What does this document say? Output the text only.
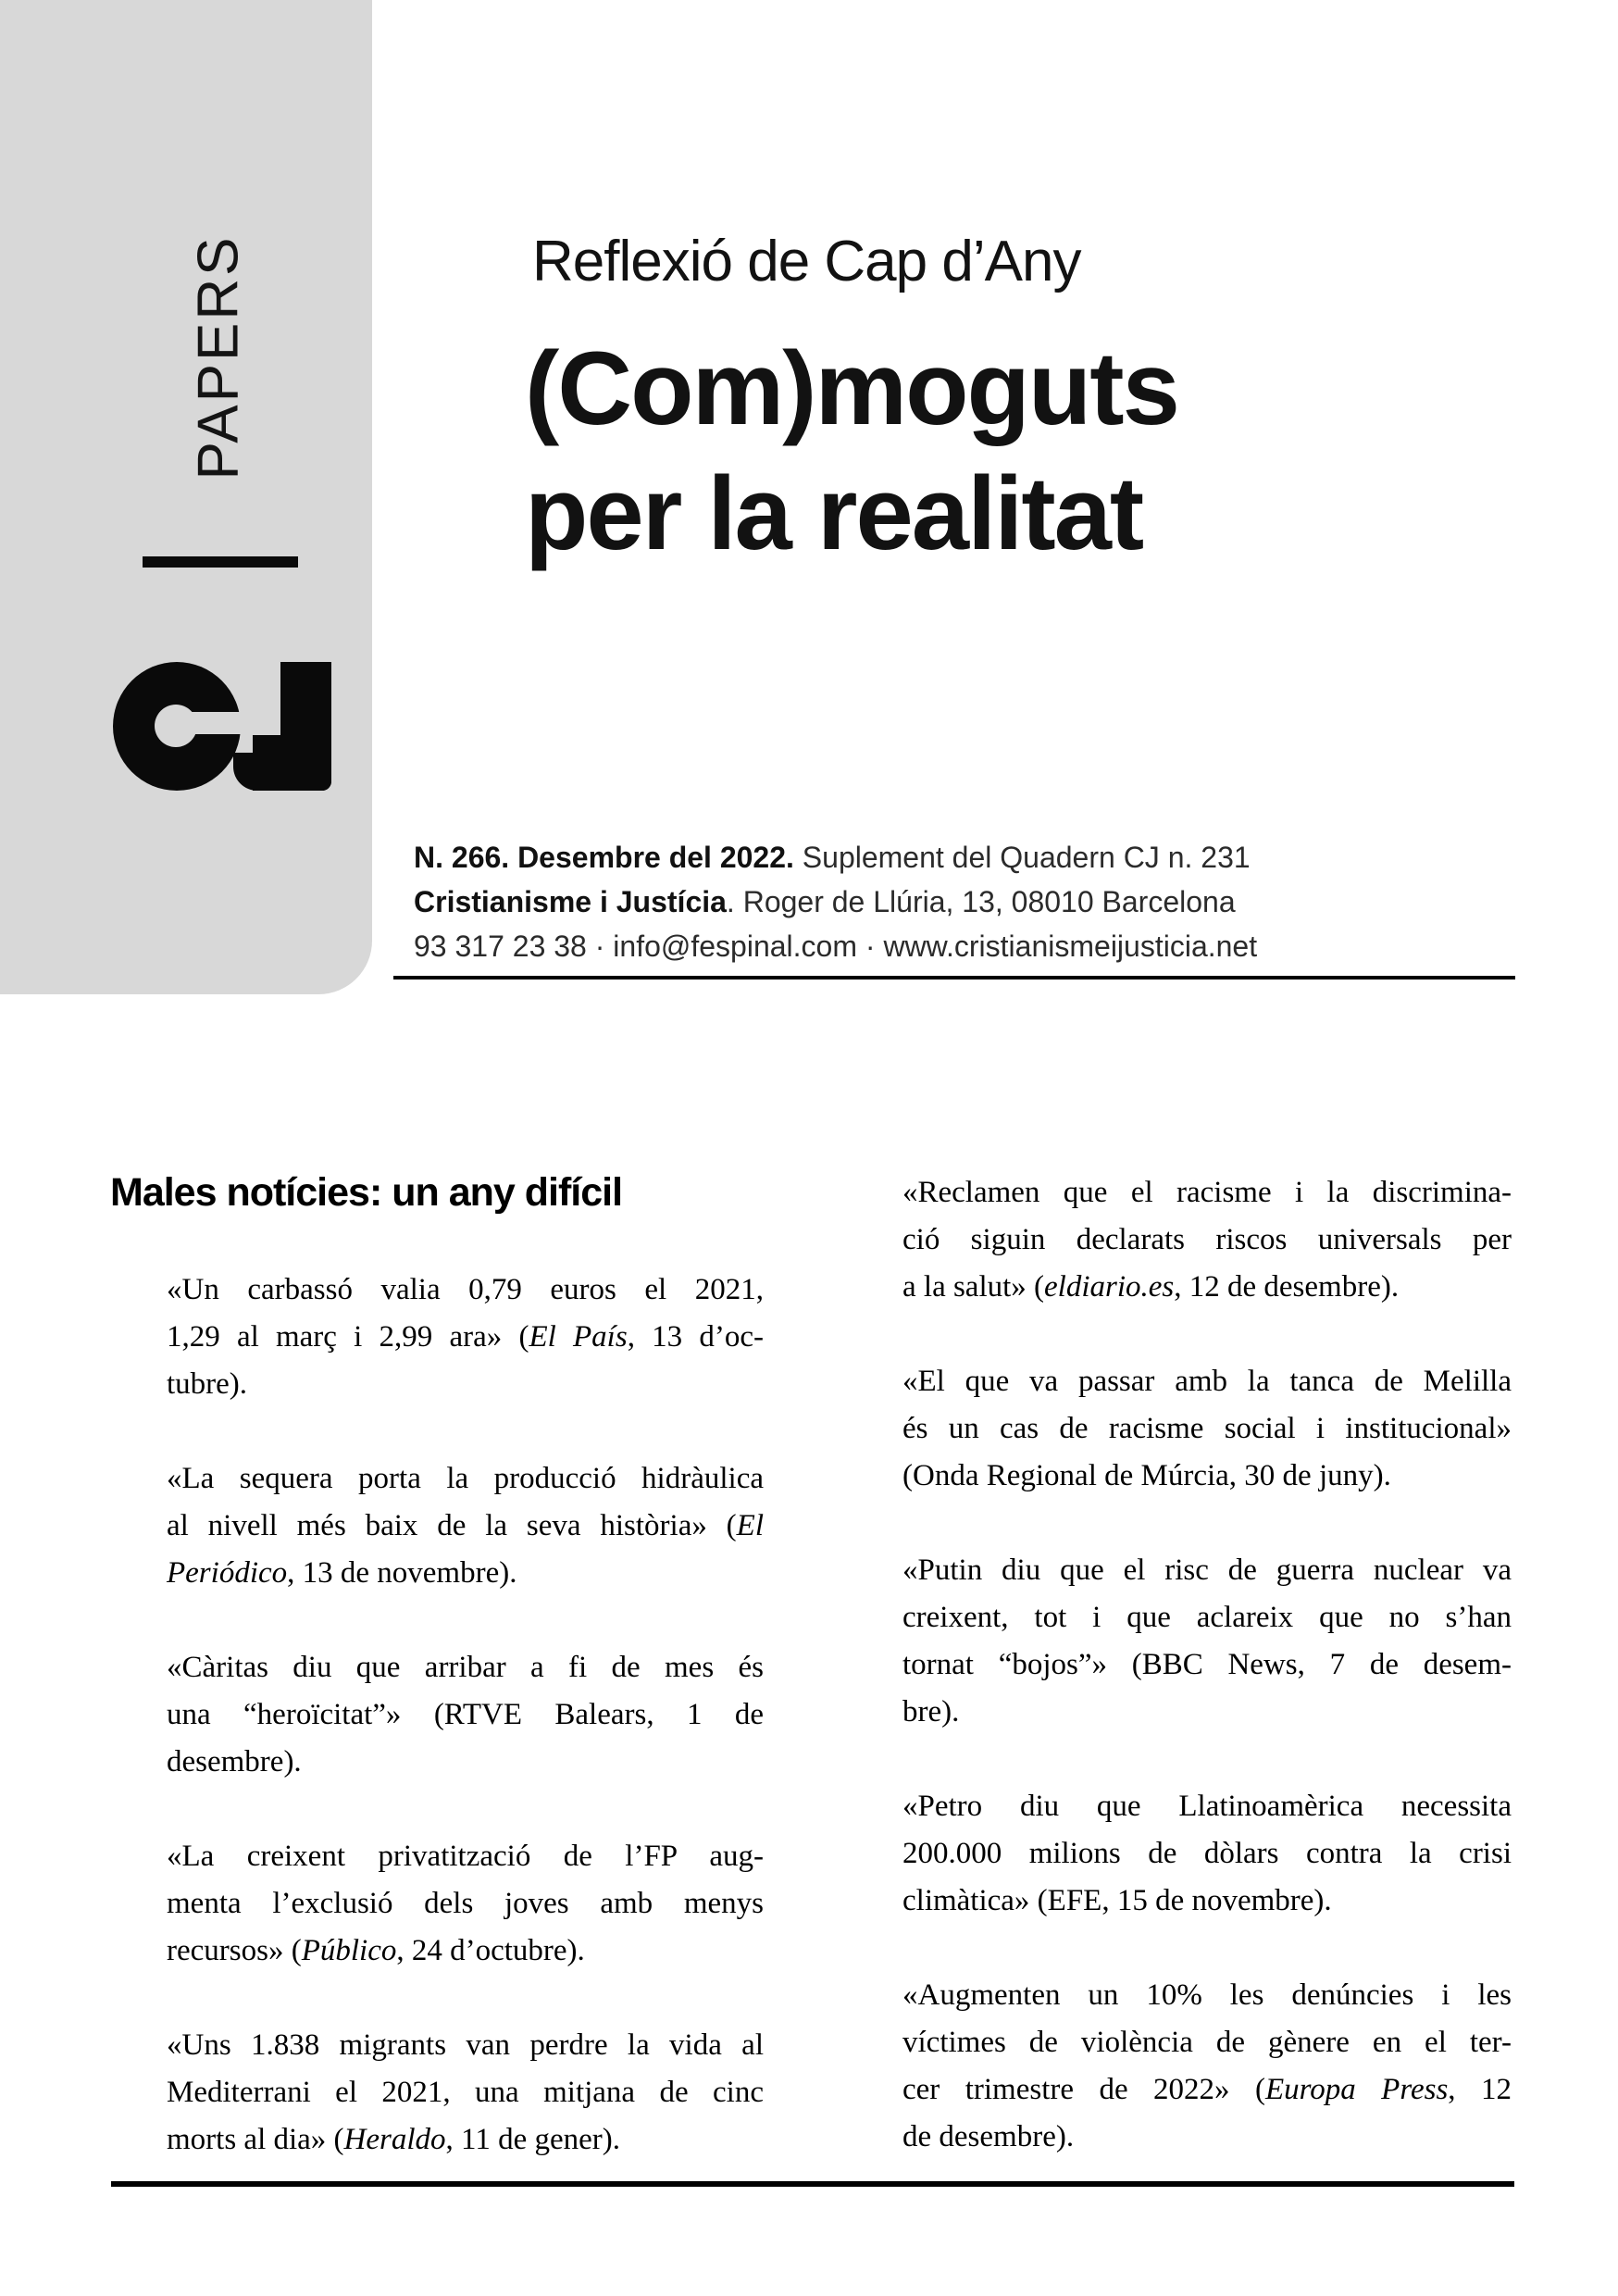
PAPERS	Reflexió de Cap d’Any
(Com)moguts
per la realitat
N. 266. Desembre del 2022. Suplement del Quadern CJ n. 231
Cristianisme i Justícia. Roger de Llúria, 13, 08010 Barcelona
93 317 23 38 · info@fespinal.com · www.cristianismeijusticia.net
Males notícies: un any difícil
«Un carbassó valia 0,79 euros el 2021,
1,29 al març i 2,99 ara» (El País, 13 d’oc-
tubre).
«La sequera porta la producció hidràulica
al nivell més baix de la seva història» (El
Periódico, 13 de novembre).
«Càritas diu que arribar a fi de mes és
una “heroïcitat”» (RTVE Balears, 1 de
desembre).
«La creixent privatització de l’FP aug-
menta l’exclusió dels joves amb menys
recursos» (Público, 24 d’octubre).
«Uns 1.838 migrants van perdre la vida al
Mediterrani el 2021, una mitjana de cinc
morts al dia» (Heraldo, 11 de gener).
«Reclamen que el racisme i la discrimina-
ció siguin declarats riscos universals per
a la salut» (eldiario.es, 12 de desembre).
«El que va passar amb la tanca de Melilla
és un cas de racisme social i institucional»
(Onda Regional de Múrcia, 30 de juny).
«Putin diu que el risc de guerra nuclear va
creixent, tot i que aclareix que no s’han
tornat “bojos”» (BBC News, 7 de desem-
bre).
«Petro diu que Llatinoamèrica necessita
200.000 milions de dòlars contra la crisi
climàtica» (EFE, 15 de novembre).
«Augmenten un 10% les denúncies i les
víctimes de violència de gènere en el ter-
cer trimestre de 2022» (Europa Press, 12
de desembre).
